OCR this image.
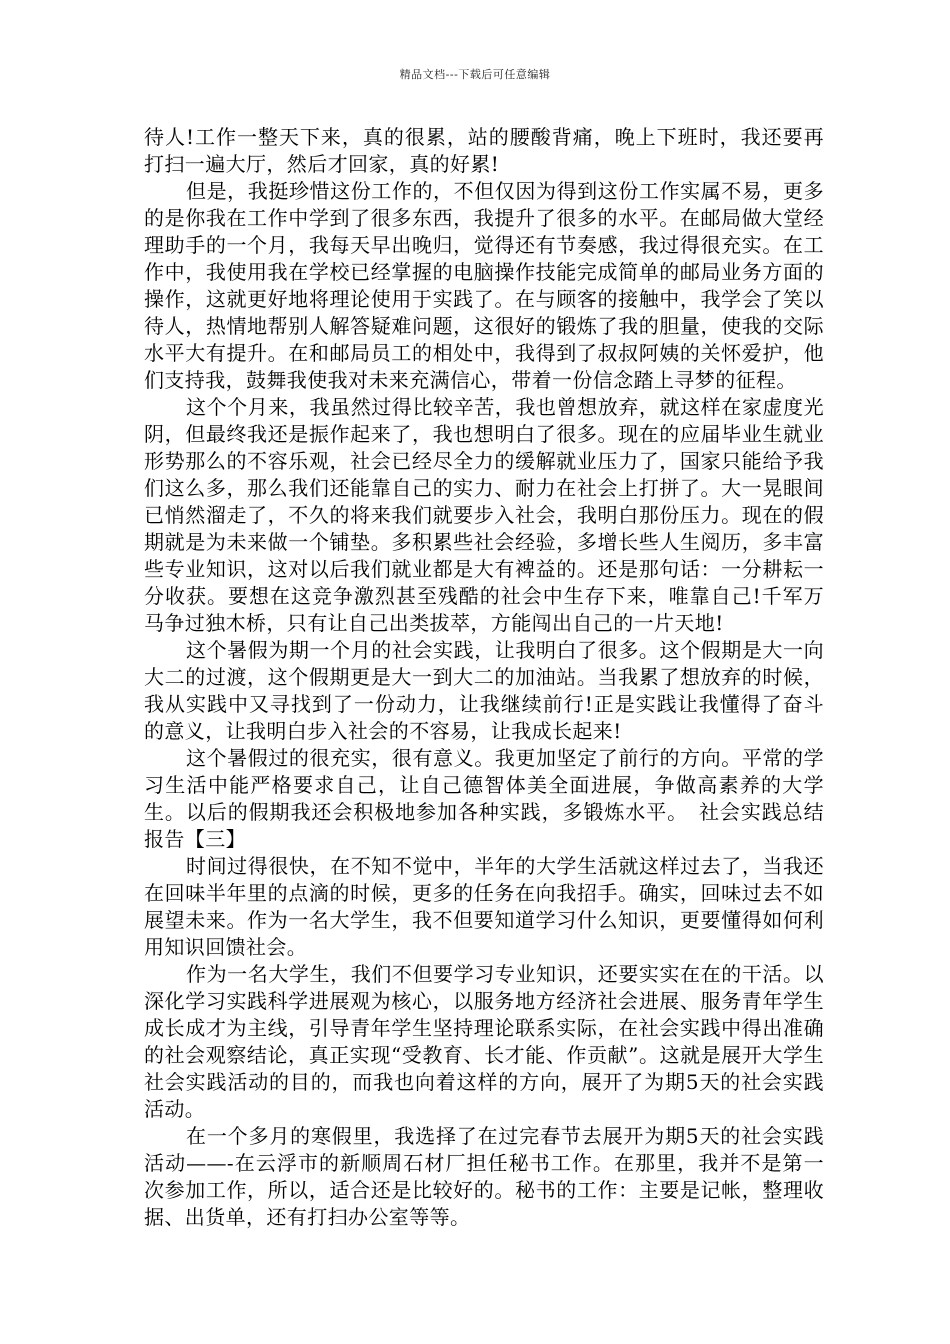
精品文档---下载后可任意编辑

待人!工作一整天下来，真的很累，站的腰酸背痛，晚上下班时，我还要再打扫一遍大厅，然后才回家，真的好累!

但是，我挺珍惜这份工作的，不但仅因为得到这份工作实属不易，更多的是你我在工作中学到了很多东西，我提升了很多的水平。在邮局做大堂经理助手的一个月，我每天早出晚归，觉得还有节奏感，我过得很充实。在工作中，我使用我在学校已经掌握的电脑操作技能完成简单的邮局业务方面的操作，这就更好地将理论使用于实践了。在与顾客的接触中，我学会了笑以待人，热情地帮别人解答疑难问题，这很好的锻炼了我的胆量，使我的交际水平大有提升。在和邮局员工的相处中，我得到了叔叔阿姨的关怀爱护，他们支持我，鼓舞我使我对未来充满信心，带着一份信念踏上寻梦的征程。

这个个月来，我虽然过得比较辛苦，我也曾想放弃，就这样在家虚度光阴，但最终我还是振作起来了，我也想明白了很多。现在的应届毕业生就业形势那么的不容乐观，社会已经尽全力的缓解就业压力了，国家只能给予我们这么多，那么我们还能靠自己的实力、耐力在社会上打拼了。大一晃眼间已悄然溜走了，不久的将来我们就要步入社会，我明白那份压力。现在的假期就是为未来做一个铺垫。多积累些社会经验，多增长些人生阅历，多丰富些专业知识，这对以后我们就业都是大有裨益的。还是那句话：一分耕耘一分收获。要想在这竞争激烈甚至残酷的社会中生存下来，唯靠自己!千军万马争过独木桥，只有让自己出类拔萃，方能闯出自己的一片天地!

这个暑假为期一个月的社会实践，让我明白了很多。这个假期是大一向大二的过渡，这个假期更是大一到大二的加油站。当我累了想放弃的时候，我从实践中又寻找到了一份动力，让我继续前行!正是实践让我懂得了奋斗的意义，让我明白步入社会的不容易，让我成长起来!

这个暑假过的很充实，很有意义。我更加坚定了前行的方向。平常的学习生活中能严格要求自己，让自己德智体美全面进展，争做高素养的大学生。以后的假期我还会积极地参加各种实践，多锻炼水平。　社会实践总结报告【三】

时间过得很快，在不知不觉中，半年的大学生活就这样过去了，当我还在回味半年里的点滴的时候，更多的任务在向我招手。确实，回味过去不如展望未来。作为一名大学生，我不但要知道学习什么知识，更要懂得如何利用知识回馈社会。

作为一名大学生，我们不但要学习专业知识，还要实实在在的干活。以深化学习实践科学进展观为核心，以服务地方经济社会进展、服务青年学生成长成才为主线，引导青年学生坚持理论联系实际，在社会实践中得出准确的社会观察结论，真正实现“受教育、长才能、作贡献”。这就是展开大学生社会实践活动的目的，而我也向着这样的方向，展开了为期5天的社会实践活动。

在一个多月的寒假里，我选择了在过完春节去展开为期5天的社会实践活动——-在云浮市的新顺周石材厂担任秘书工作。在那里，我并不是第一次参加工作，所以，适合还是比较好的。秘书的工作：主要是记帐，整理收据、出货单，还有打扫办公室等等。
